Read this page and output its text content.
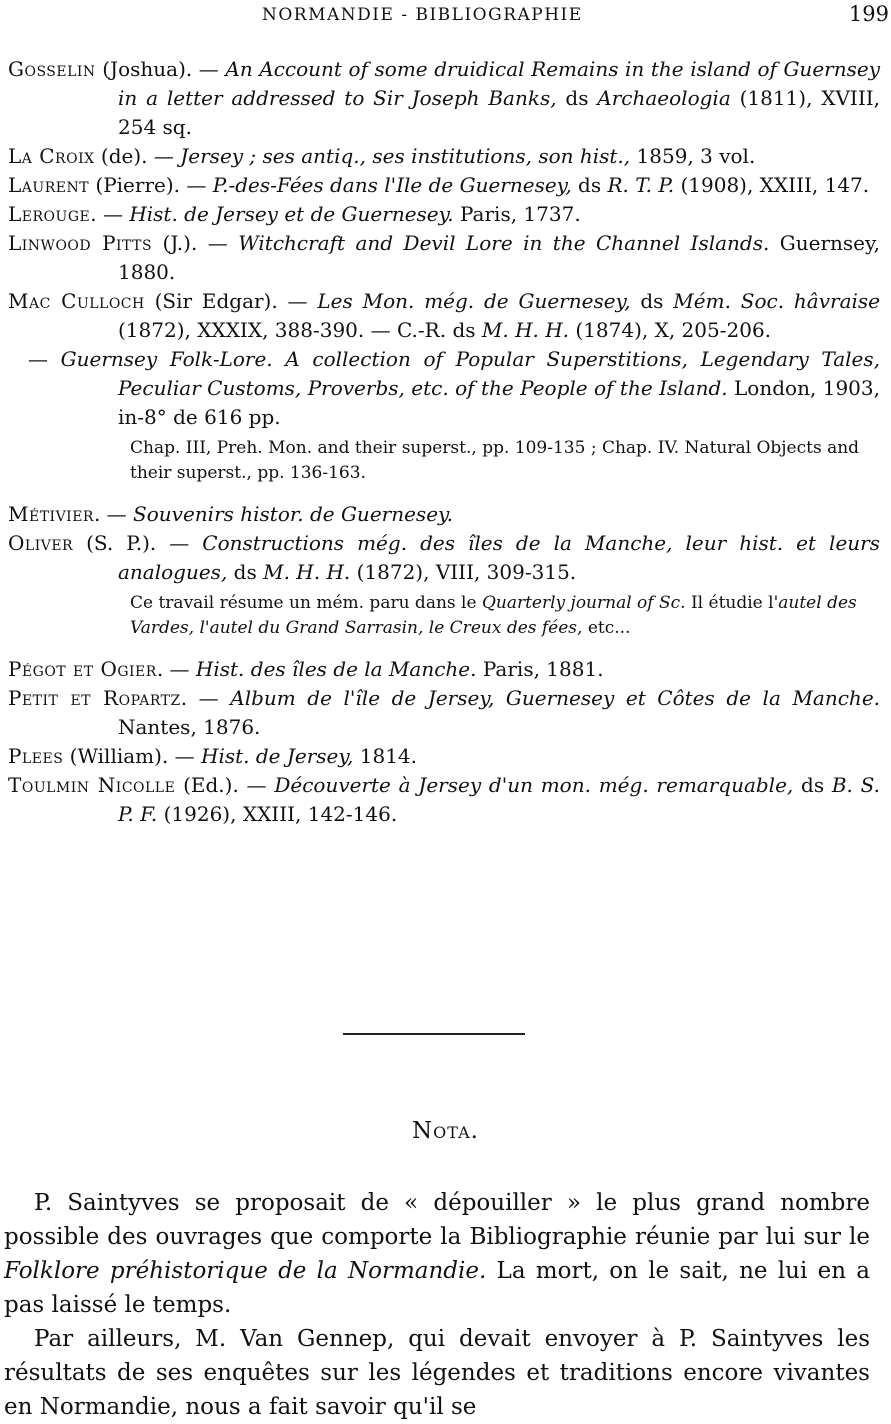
NORMANDIE - BIBLIOGRAPHIE	199

Gosselin (Joshua). — An Account of some druidical Remains in the island of Guernsey in a letter addressed to Sir Joseph Banks, ds Archaeologia (1811), XVIII, 254 sq.

La Croix (de). — Jersey ; ses antiq., ses institutions, son hist., 1859, 3 vol.

Laurent (Pierre). — P.-des-Fées dans l'Ile de Guernesey, ds R. T. P. (1908), XXIII, 147.

Lerouge. — Hist. de Jersey et de Guernesey. Paris, 1737.

Linwood Pitts (J.). — Witchcraft and Devil Lore in the Channel Islands. Guernsey, 1880.

Mac Culloch (Sir Edgar). — Les Mon. még. de Guernesey, ds Mém. Soc. hâvraise (1872), XXXIX, 388-390. — C.-R. ds M. H. H. (1874), X, 205-206.

— Guernsey Folk-Lore. A collection of Popular Superstitions, Legendary Tales, Peculiar Customs, Proverbs, etc. of the People of the Island. London, 1903, in-8° de 616 pp.

Chap. III, Preh. Mon. and their superst., pp. 109-135 ; Chap. IV. Natural Objects and their superst., pp. 136-163.

Métivier. — Souvenirs histor. de Guernesey.

Oliver (S. P.). — Constructions még. des îles de la Manche, leur hist. et leurs analogues, ds M. H. H. (1872), VIII, 309-315.

Ce travail résume un mém. paru dans le Quarterly journal of Sc. Il étudie l'autel des Vardes, l'autel du Grand Sarrasin, le Creux des fées, etc...

Pégot et Ogier. — Hist. des îles de la Manche. Paris, 1881.

Petit et Ropartz. — Album de l'île de Jersey, Guernesey et Côtes de la Manche. Nantes, 1876.

Plees (William). — Hist. de Jersey, 1814.

Toulmin Nicolle (Ed.). — Découverte à Jersey d'un mon. még. remarquable, ds B. S. P. F. (1926), XXIII, 142-146.

Nota.

P. Saintyves se proposait de « dépouiller » le plus grand nombre possible des ouvrages que comporte la Bibliographie réunie par lui sur le Folklore préhistorique de la Normandie. La mort, on le sait, ne lui en a pas laissé le temps.

Par ailleurs, M. Van Gennep, qui devait envoyer à P. Saintyves les résultats de ses enquêtes sur les légendes et traditions encore vivantes en Normandie, nous a fait savoir qu'il se
